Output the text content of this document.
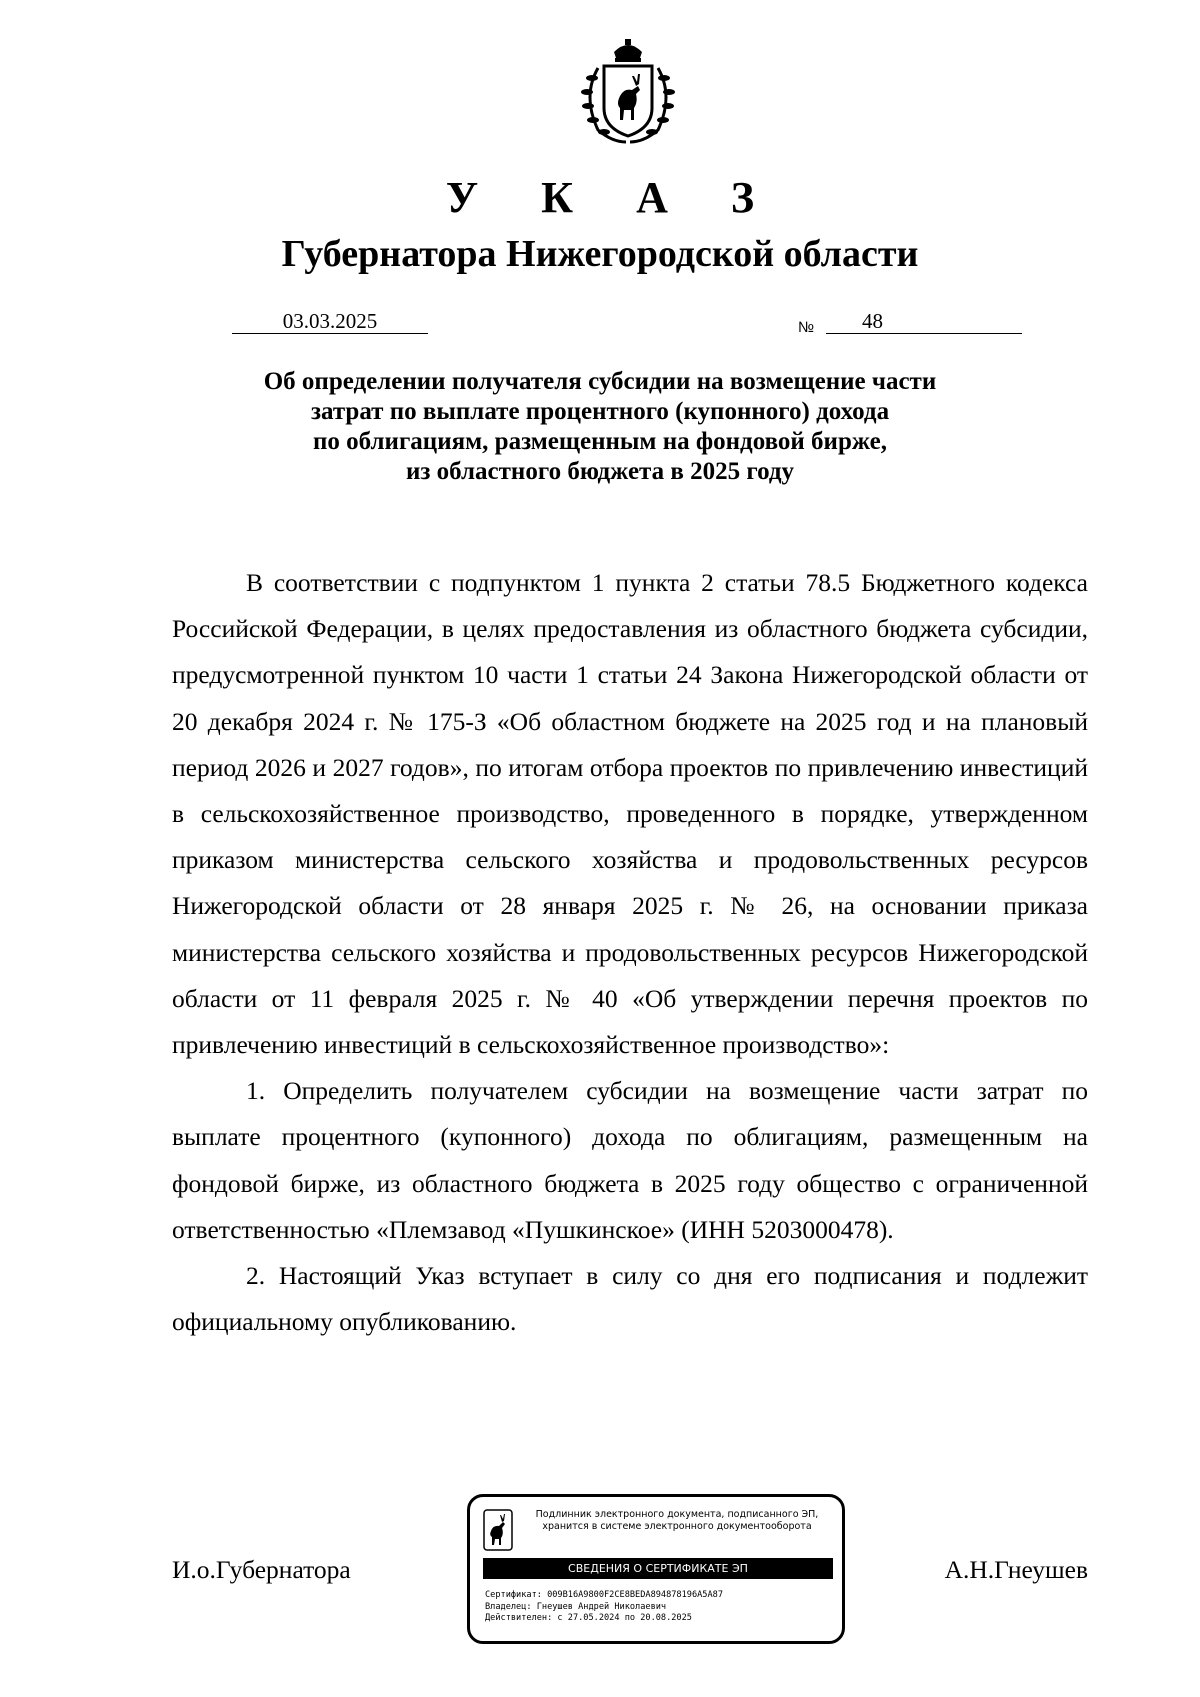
У К А З
Губернатора Нижегородской области
03.03.2025	№	48
Об определении получателя субсидии на возмещение части
затрат по выплате процентного (купонного) дохода
по облигациям, размещенным на фондовой бирже,
из областного бюджета в 2025 году

В соответствии с подпунктом 1 пункта 2 статьи 78.5 Бюджетного кодекса Российской Федерации, в целях предоставления из областного бюджета субсидии, предусмотренной пунктом 10 части 1 статьи 24 Закона Нижегородской области от 20 декабря 2024 г. № 175-З «Об областном бюджете на 2025 год и на плановый период 2026 и 2027 годов», по итогам отбора проектов по привлечению инвестиций в сельскохозяйственное производство, проведенного в порядке, утвержденном приказом министерства сельского хозяйства и продовольственных ресурсов Нижегородской области от 28 января 2025 г. № 26, на основании приказа министерства сельского хозяйства и продовольственных ресурсов Нижегородской области от 11 февраля 2025 г. № 40 «Об утверждении перечня проектов по привлечению инвестиций в сельскохозяйственное производство»:

1. Определить получателем субсидии на возмещение части затрат по выплате процентного (купонного) дохода по облигациям, размещенным на фондовой бирже, из областного бюджета в 2025 году общество с ограниченной ответственностью «Племзавод «Пушкинское» (ИНН 5203000478).

2. Настоящий Указ вступает в силу со дня его подписания и подлежит официальному опубликованию.

И.о.Губернатора	А.Н.Гнеушев
Подлинник электронного документа, подписанного ЭП,
хранится в системе электронного документооборота
СВЕДЕНИЯ О СЕРТИФИКАТЕ ЭП
Сертификат: 009B16A9800F2CE8BEDA894878196A5A87
Владелец: Гнеушев Андрей Николаевич
Действителен: с 27.05.2024 по 20.08.2025
